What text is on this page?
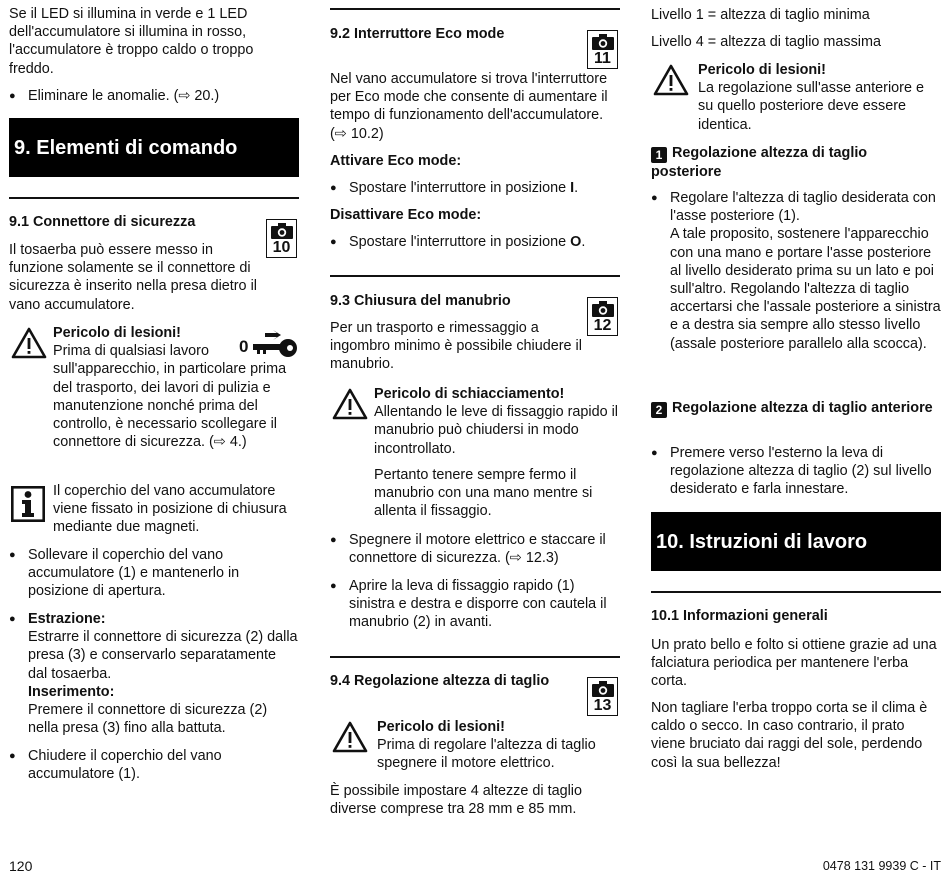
Se il LED si illumina in verde e 1 LED dell'accumulatore si illumina in rosso, l'accumulatore è troppo caldo o troppo freddo.

● Eliminare le anomalie. (⇨ 20.)
9. Elementi di comando
9.1 Connettore di sicurezza
10

Il tosaerba può essere messo in funzione solamente se il connettore di sicurezza è inserito nella presa dietro il vano accumulatore.

Pericolo di lesioni!
Prima di qualsiasi lavoro sull'apparecchio, in particolare prima del trasporto, dei lavori di pulizia e manutenzione nonché prima del controllo, è necessario scollegare il connettore di sicurezza. (⇨ 4.)
0
Il coperchio del vano accumulatore viene fissato in posizione di chiusura mediante due magneti.
● Sollevare il coperchio del vano accumulatore (1) e mantenerlo in posizione di apertura.
● Estrazione:
Estrarre il connettore di sicurezza (2) dalla presa (3) e conservarlo separatamente dal tosaerba.
Inserimento:
Premere il connettore di sicurezza (2) nella presa (3) fino alla battuta.
● Chiudere il coperchio del vano accumulatore (1).
9.2 Interruttore Eco mode
11

Nel vano accumulatore si trova l'interruttore per Eco mode che consente di aumentare il tempo di funzionamento dell'accumulatore. (⇨ 10.2)

Attivare Eco mode:
● Spostare l'interruttore in posizione I.
Disattivare Eco mode:
● Spostare l'interruttore in posizione O.
9.3 Chiusura del manubrio
12

Per un trasporto e rimessaggio a ingombro minimo è possibile chiudere il manubrio.

Pericolo di schiacciamento!
Allentando le leve di fissaggio rapido il manubrio può chiudersi in modo incontrollato.
Pertanto tenere sempre fermo il manubrio con una mano mentre si allenta il fissaggio.
● Spegnere il motore elettrico e staccare il connettore di sicurezza. (⇨ 12.3)
● Aprire la leva di fissaggio rapido (1) sinistra e destra e disporre con cautela il manubrio (2) in avanti.
9.4 Regolazione altezza di taglio
13
Pericolo di lesioni!
Prima di regolare l'altezza di taglio spegnere il motore elettrico.

È possibile impostare 4 altezze di taglio diverse comprese tra 28 mm e 85 mm.

Livello 1 = altezza di taglio minima

Livello 4 = altezza di taglio massima

Pericolo di lesioni!
La regolazione sull'asse anteriore e su quello posteriore deve essere identica.
1 Regolazione altezza di taglio posteriore
● Regolare l'altezza di taglio desiderata con l'asse posteriore (1).
A tale proposito, sostenere l'apparecchio con una mano e portare l'asse posteriore al livello desiderato prima su un lato e poi sull'altro. Regolando l'altezza di taglio accertarsi che l'assale posteriore a sinistra e a destra sia sempre allo stesso livello (assale posteriore parallelo alla scocca).
2 Regolazione altezza di taglio anteriore
● Premere verso l'esterno la leva di regolazione altezza di taglio (2) sul livello desiderato e farla innestare.
10. Istruzioni di lavoro
10.1 Informazioni generali

Un prato bello e folto si ottiene grazie ad una falciatura periodica per mantenere l'erba corta.

Non tagliare l'erba troppo corta se il clima è caldo o secco. In caso contrario, il prato viene bruciato dai raggi del sole, perdendo così la sua bellezza!

120	0478 131 9939 C - IT
